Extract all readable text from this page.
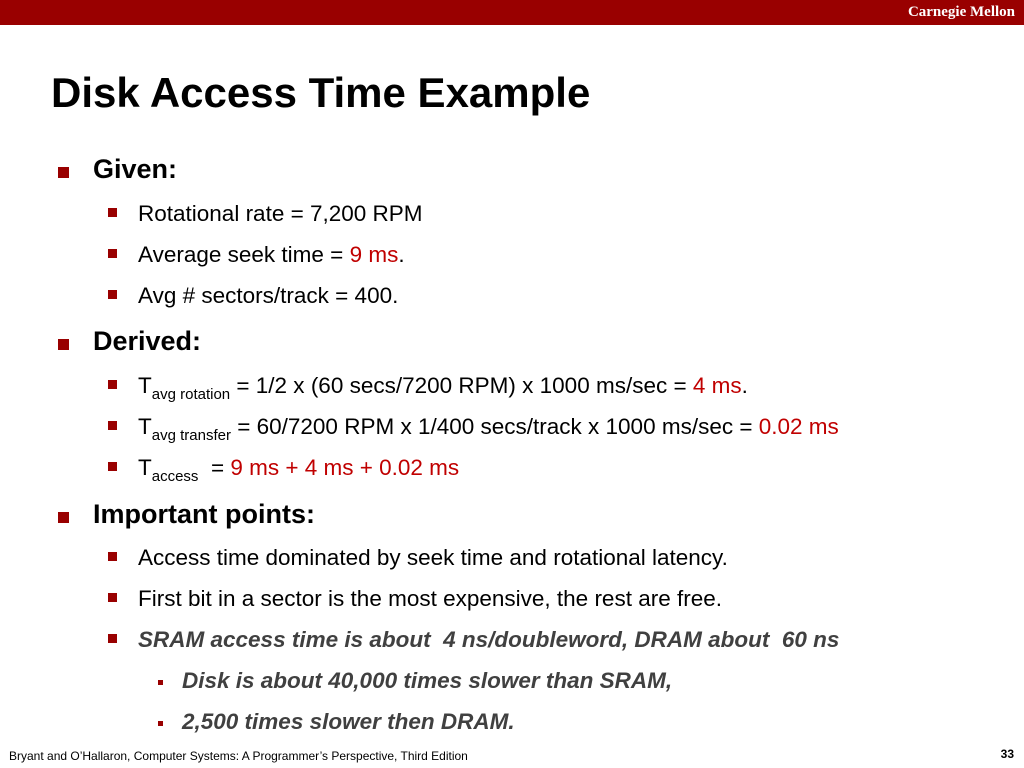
Carnegie Mellon
Disk Access Time Example
Given:
Rotational rate = 7,200 RPM
Average seek time = 9 ms.
Avg # sectors/track = 400.
Derived:
$T_{avg rotation} = 1/2$ x (60 secs/7200 RPM) x 1000 ms/sec = 4 ms.
$T_{avg transfer} = 60/7200$ RPM x 1/400 secs/track x 1000 ms/sec = 0.02 ms
$T_{access} = 9$ ms + 4 ms + 0.02 ms
Important points:
Access time dominated by seek time and rotational latency.
First bit in a sector is the most expensive, the rest are free.
SRAM access time is about  4 ns/doubleword, DRAM about  60 ns
Disk is about 40,000 times slower than SRAM,
2,500 times slower then DRAM.
Bryant and O’Hallaron, Computer Systems: A Programmer’s Perspective, Third Edition	33
